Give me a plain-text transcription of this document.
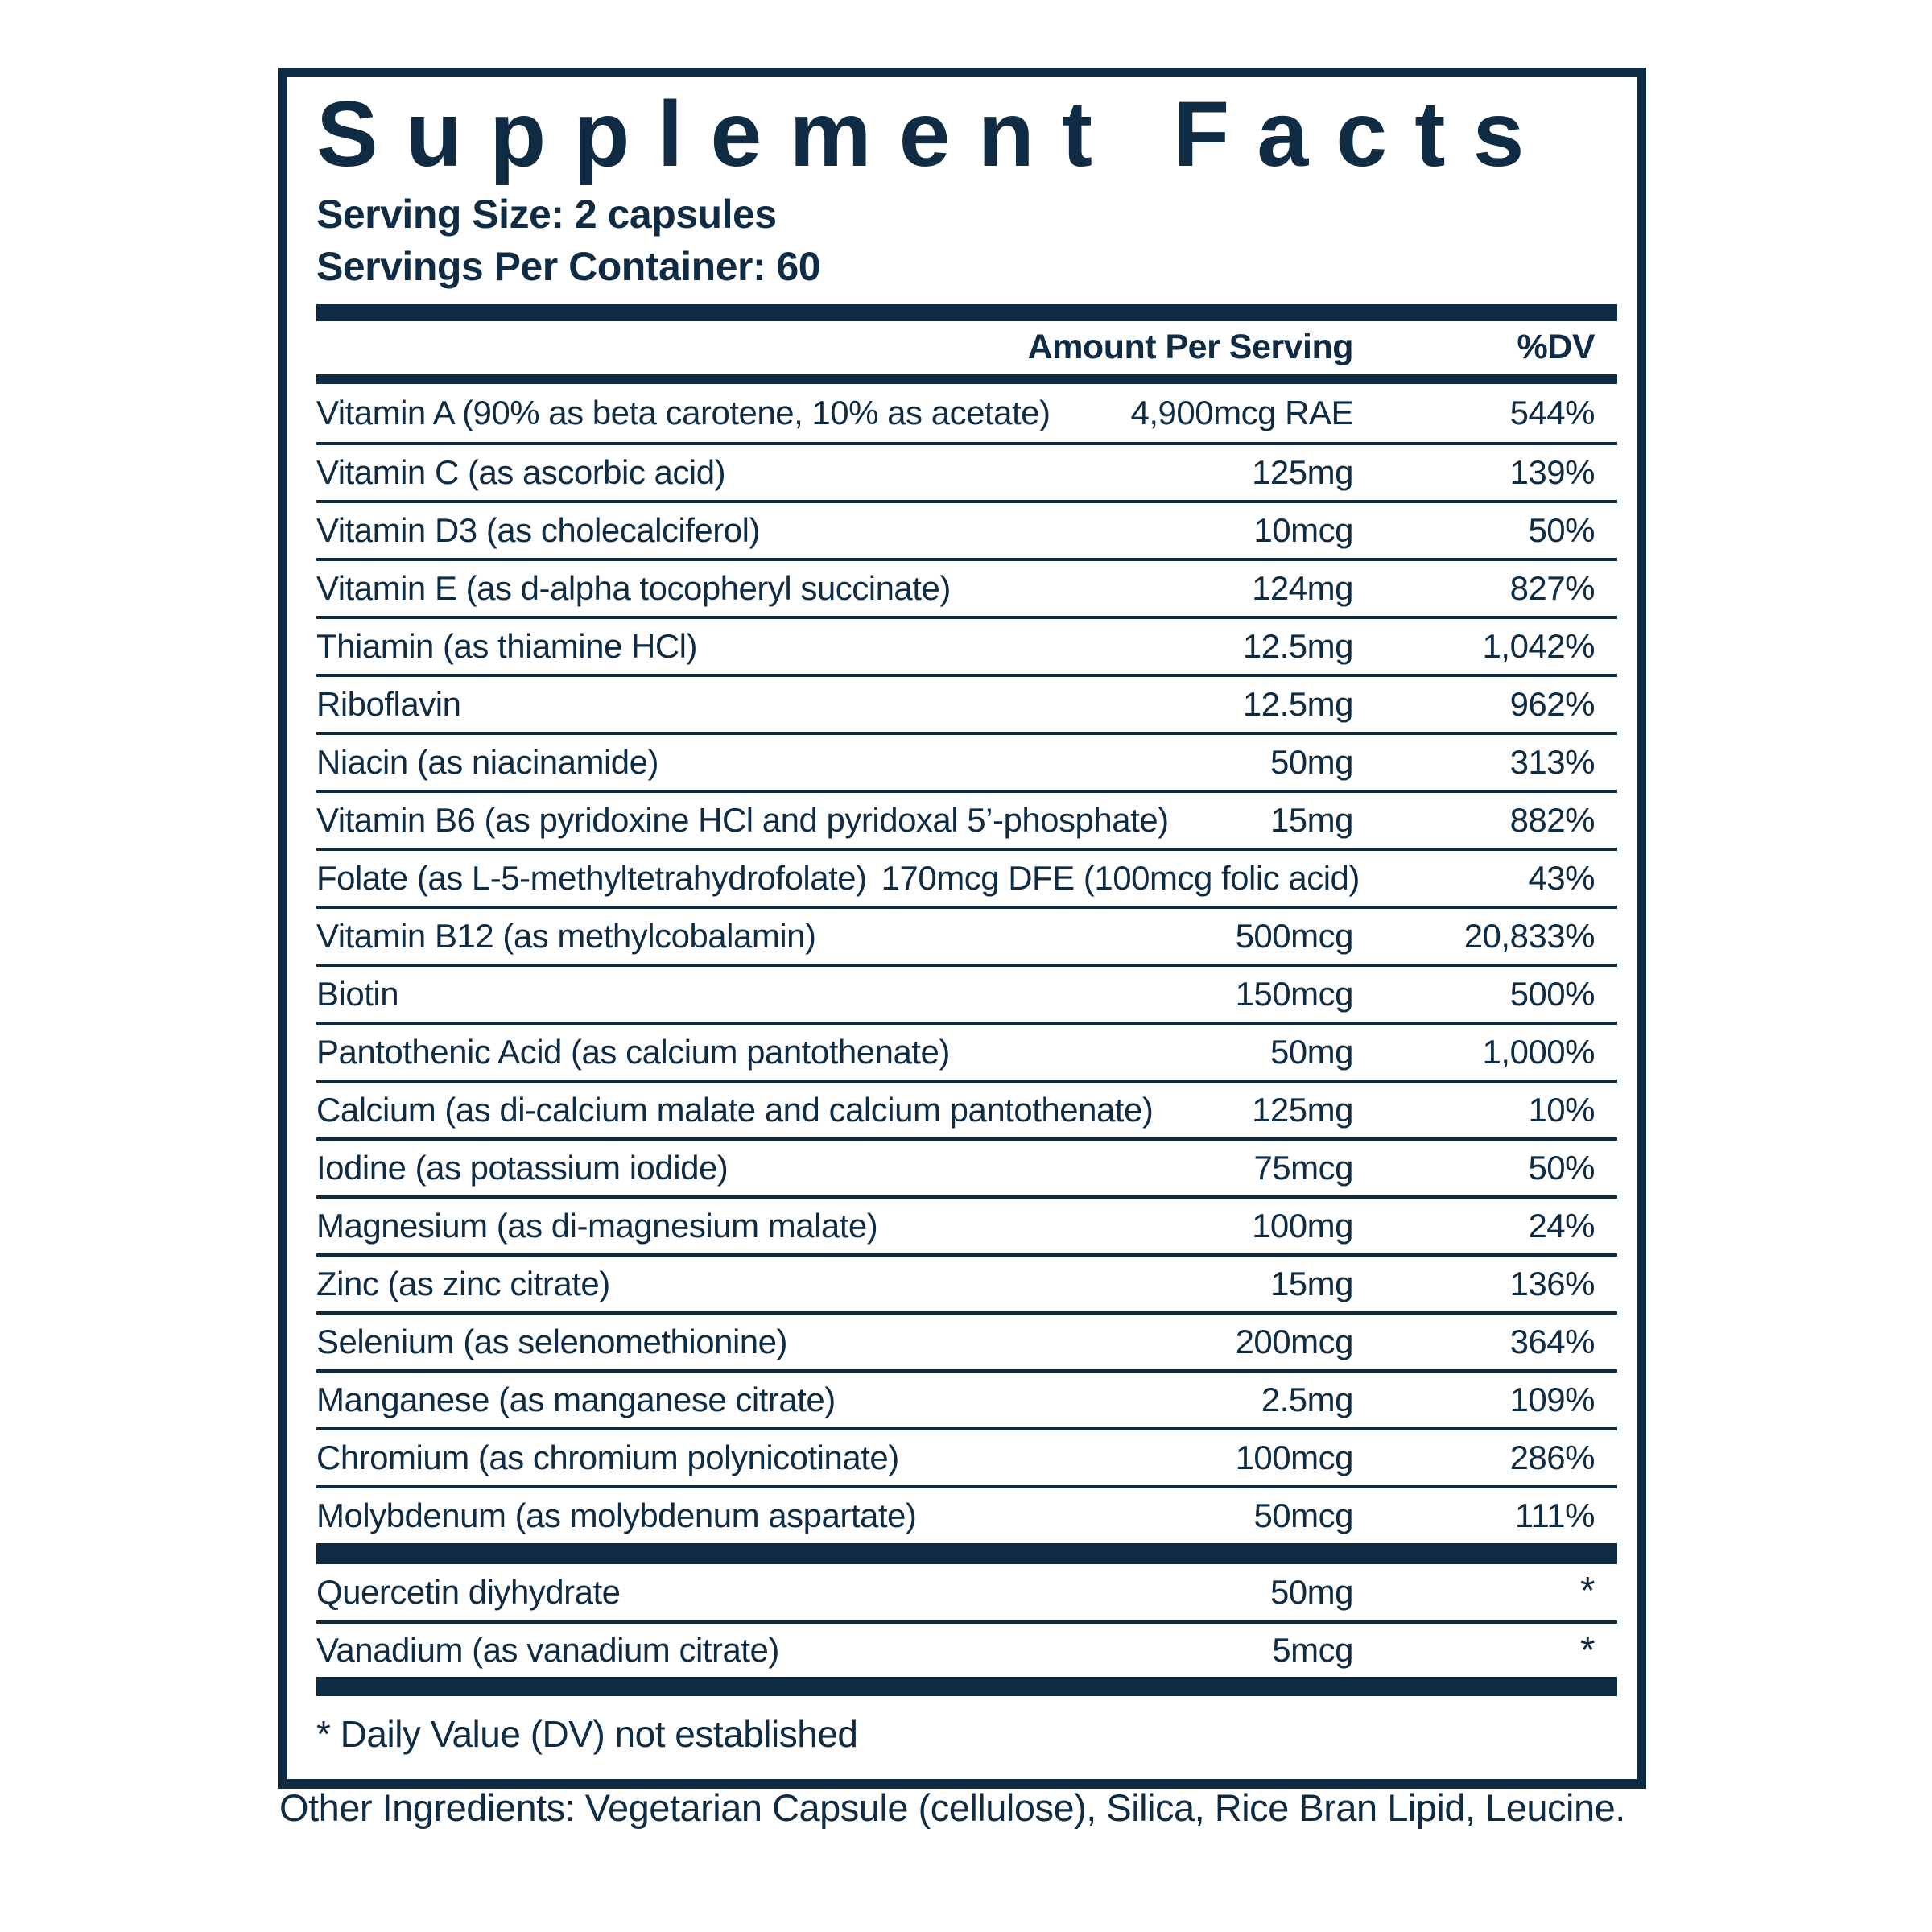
Supplement Facts
Serving Size: 2 capsules
Servings Per Container: 60
Amount Per Serving	%DV
Vitamin A (90% as beta carotene, 10% as acetate)	4,900mcg RAE	544%
Vitamin C (as ascorbic acid)	125mg	139%
Vitamin D3 (as cholecalciferol)	10mcg	50%
Vitamin E (as d-alpha tocopheryl succinate)	124mg	827%
Thiamin (as thiamine HCl)	12.5mg	1,042%
Riboflavin	12.5mg	962%
Niacin (as niacinamide)	50mg	313%
Vitamin B6 (as pyridoxine HCl and pyridoxal 5’-phosphate)	15mg	882%
Folate (as L-5-methyltetrahydrofolate) 170mcg DFE (100mcg folic acid)	43%
Vitamin B12 (as methylcobalamin)	500mcg	20,833%
Biotin	150mcg	500%
Pantothenic Acid (as calcium pantothenate)	50mg	1,000%
Calcium (as di-calcium malate and calcium pantothenate)	125mg	10%
Iodine (as potassium iodide)	75mcg	50%
Magnesium (as di-magnesium malate)	100mg	24%
Zinc (as zinc citrate)	15mg	136%
Selenium (as selenomethionine)	200mcg	364%
Manganese (as manganese citrate)	2.5mg	109%
Chromium (as chromium polynicotinate)	100mcg	286%
Molybdenum (as molybdenum aspartate)	50mcg	111%
Quercetin diyhydrate	50mg	*
Vanadium (as vanadium citrate)	5mcg	*
* Daily Value (DV) not established
Other Ingredients: Vegetarian Capsule (cellulose), Silica, Rice Bran Lipid, Leucine.
